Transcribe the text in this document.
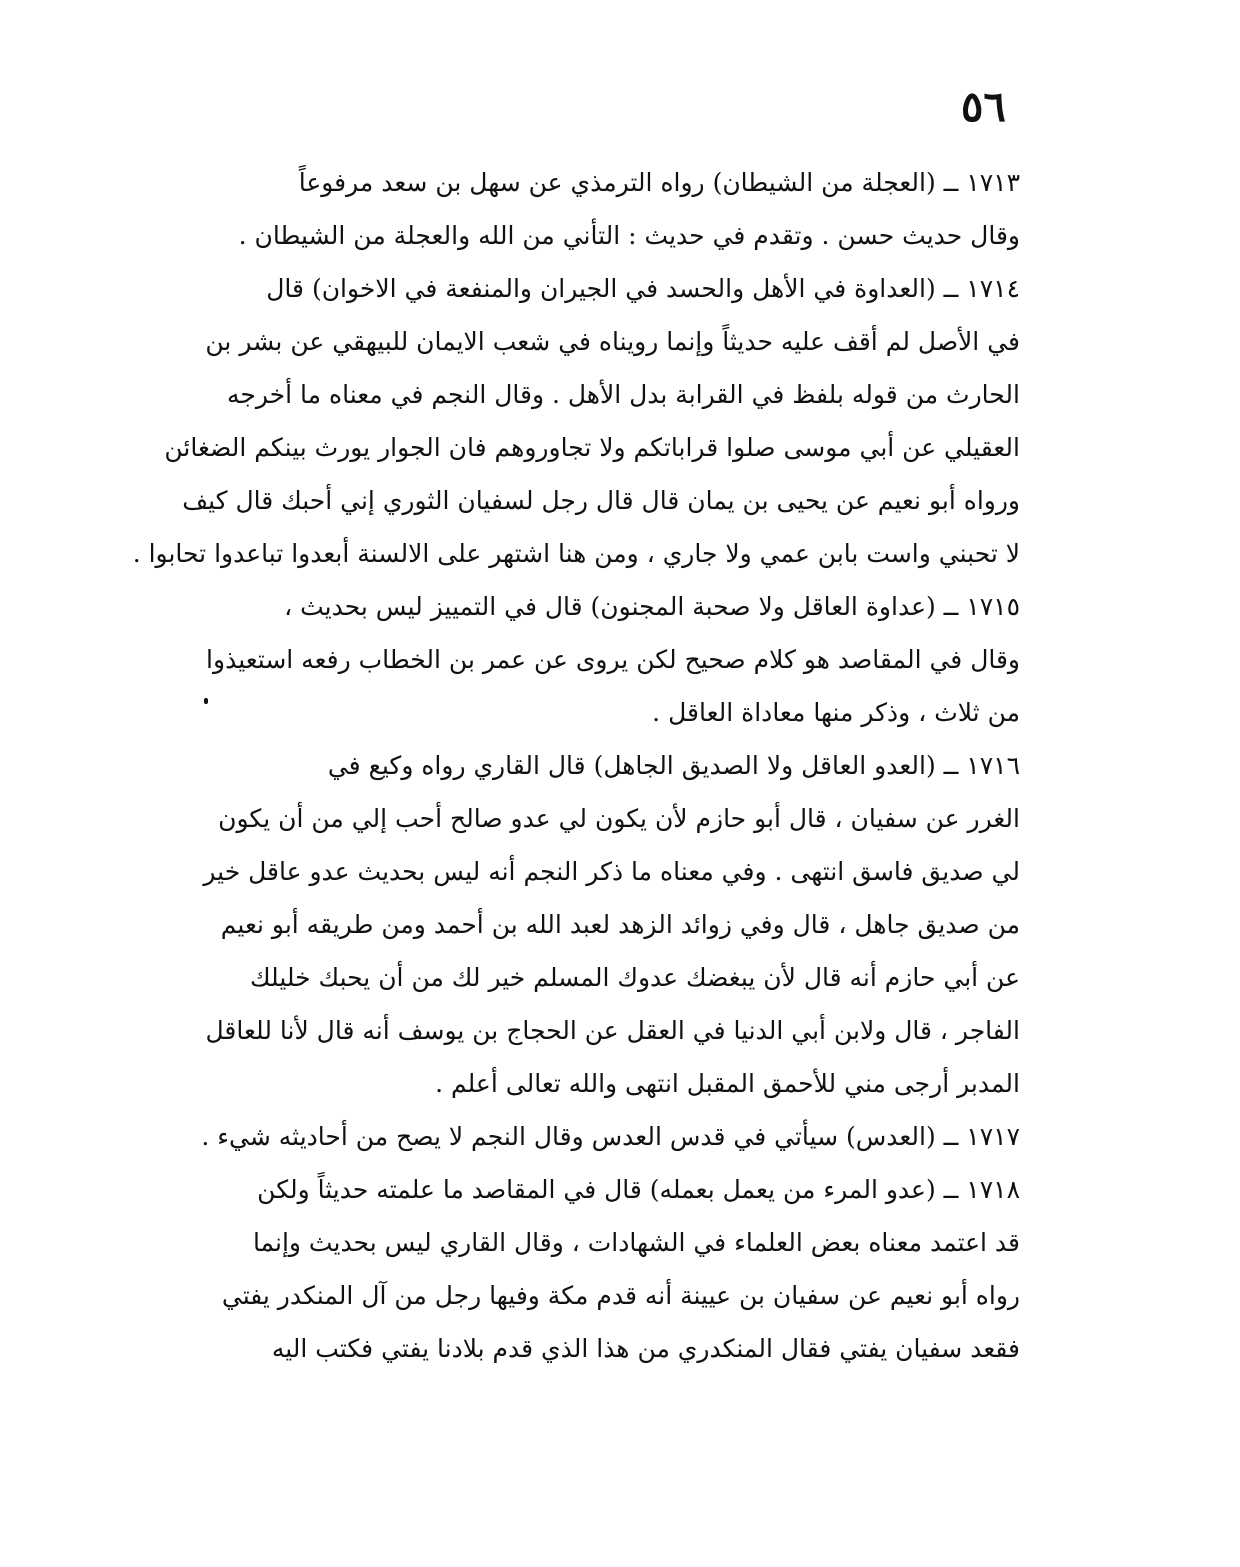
٥٦
١٧١٣ ــ (العجلة من الشيطان) رواه الترمذي عن سهل بن سعد مرفوعاً
وقال حديث حسن . وتقدم في حديث : التأني من الله والعجلة من الشيطان .
١٧١٤ ــ (العداوة في الأهل والحسد في الجيران والمنفعة في الاخوان) قال
في الأصل لم أقف عليه حديثاً وإنما رويناه في شعب الايمان للبيهقي عن بشر بن
الحارث من قوله بلفظ في القرابة بدل الأهل . وقال النجم في معناه ما أخرجه
العقيلي عن أبي موسى صلوا قراباتكم ولا تجاوروهم فان الجوار يورث بينكم الضغائن
ورواه أبو نعيم عن يحيى بن يمان قال قال رجل لسفيان الثوري إني أحبك قال كيف
لا تحبني واست بابن عمي ولا جاري ، ومن هنا اشتهر على الالسنة أبعدوا تباعدوا تحابوا .
١٧١٥ ــ (عداوة العاقل ولا صحبة المجنون) قال في التمييز ليس بحديث ،
وقال في المقاصد هو كلام صحيح لكن يروى عن عمر بن الخطاب رفعه استعيذوا
من ثلاث ، وذكر منها معاداة العاقل .
١٧١٦ ــ (العدو العاقل ولا الصديق الجاهل) قال القاري رواه وكيع في
الغرر عن سفيان ، قال أبو حازم لأن يكون لي عدو صالح أحب إلي من أن يكون
لي صديق فاسق انتهى . وفي معناه ما ذكر النجم أنه ليس بحديث عدو عاقل خير
من صديق جاهل ، قال وفي زوائد الزهد لعبد الله بن أحمد ومن طريقه أبو نعيم
عن أبي حازم أنه قال لأن يبغضك عدوك المسلم خير لك من أن يحبك خليلك
الفاجر ، قال ولابن أبي الدنيا في العقل عن الحجاج بن يوسف أنه قال لأنا للعاقل
المدبر أرجى مني للأحمق المقبل انتهى والله تعالى أعلم .
١٧١٧ ــ (العدس) سيأتي في قدس العدس وقال النجم لا يصح من أحاديثه شيء .
١٧١٨ ــ (عدو المرء من يعمل بعمله) قال في المقاصد ما علمته حديثاً ولكن
قد اعتمد معناه بعض العلماء في الشهادات ، وقال القاري ليس بحديث وإنما
رواه أبو نعيم عن سفيان بن عيينة أنه قدم مكة وفيها رجل من آل المنكدر يفتي
فقعد سفيان يفتي فقال المنكدري من هذا الذي قدم بلادنا يفتي فكتب اليه
